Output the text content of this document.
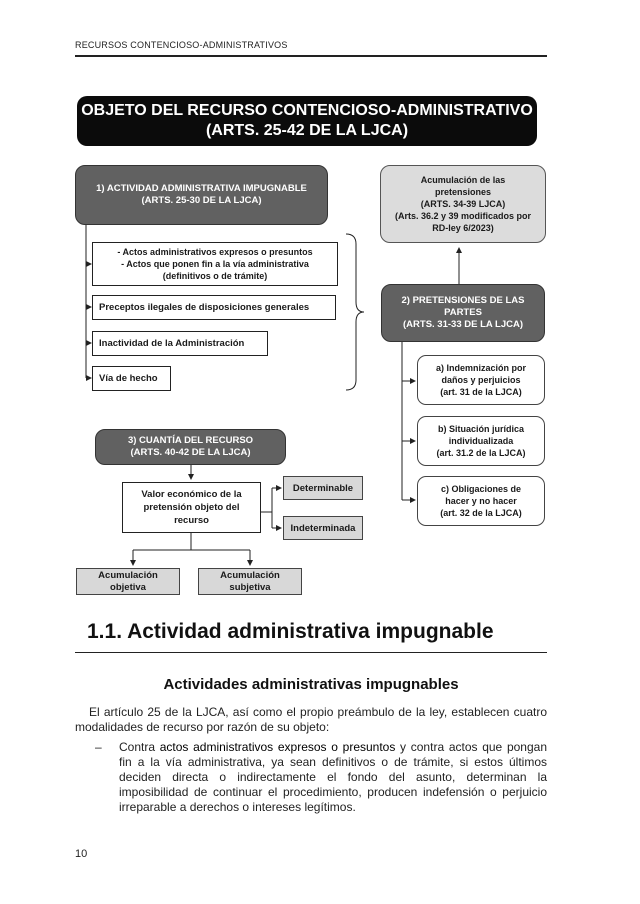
RECURSOS CONTENCIOSO-ADMINISTRATIVOS
OBJETO DEL RECURSO CONTENCIOSO-ADMINISTRATIVO
(ARTS. 25-42 DE LA LJCA)
1) ACTIVIDAD ADMINISTRATIVA IMPUGNABLE
(ARTS. 25-30 DE LA LJCA)
- Actos administrativos expresos o presuntos
- Actos que ponen fin a la vía administrativa
(definitivos o de trámite)
Preceptos ilegales de disposiciones generales
Inactividad de la Administración
Vía de hecho
Acumulación de las
pretensiones
(ARTS. 34-39 LJCA)
(Arts. 36.2 y 39 modificados por
RD-ley 6/2023)
2) PRETENSIONES DE LAS
PARTES
(ARTS. 31-33 DE LA LJCA)
a) Indemnización por
daños y perjuicios
(art. 31 de la LJCA)
b) Situación jurídica
individualizada
(art. 31.2 de la LJCA)
c) Obligaciones de
hacer y no hacer
(art. 32 de la LJCA)
3) CUANTÍA DEL RECURSO
(ARTS. 40-42 DE LA LJCA)
Valor económico de la
pretensión objeto del
recurso
Determinable
Indeterminada
Acumulación
objetiva
Acumulación
subjetiva
1.1. Actividad administrativa impugnable
Actividades administrativas impugnables
El artículo 25 de la LJCA, así como el propio preámbulo de la ley, establecen cuatro modalidades de recurso por razón de su objeto:
– Contra actos administrativos expresos o presuntos y contra actos que pongan fin a la vía administrativa, ya sean definitivos o de trámite, si estos últimos deciden directa o indirectamente el fondo del asunto, determinan la imposibilidad de continuar el procedimiento, producen indefensión o perjuicio irreparable a derechos o intereses legítimos.
10
